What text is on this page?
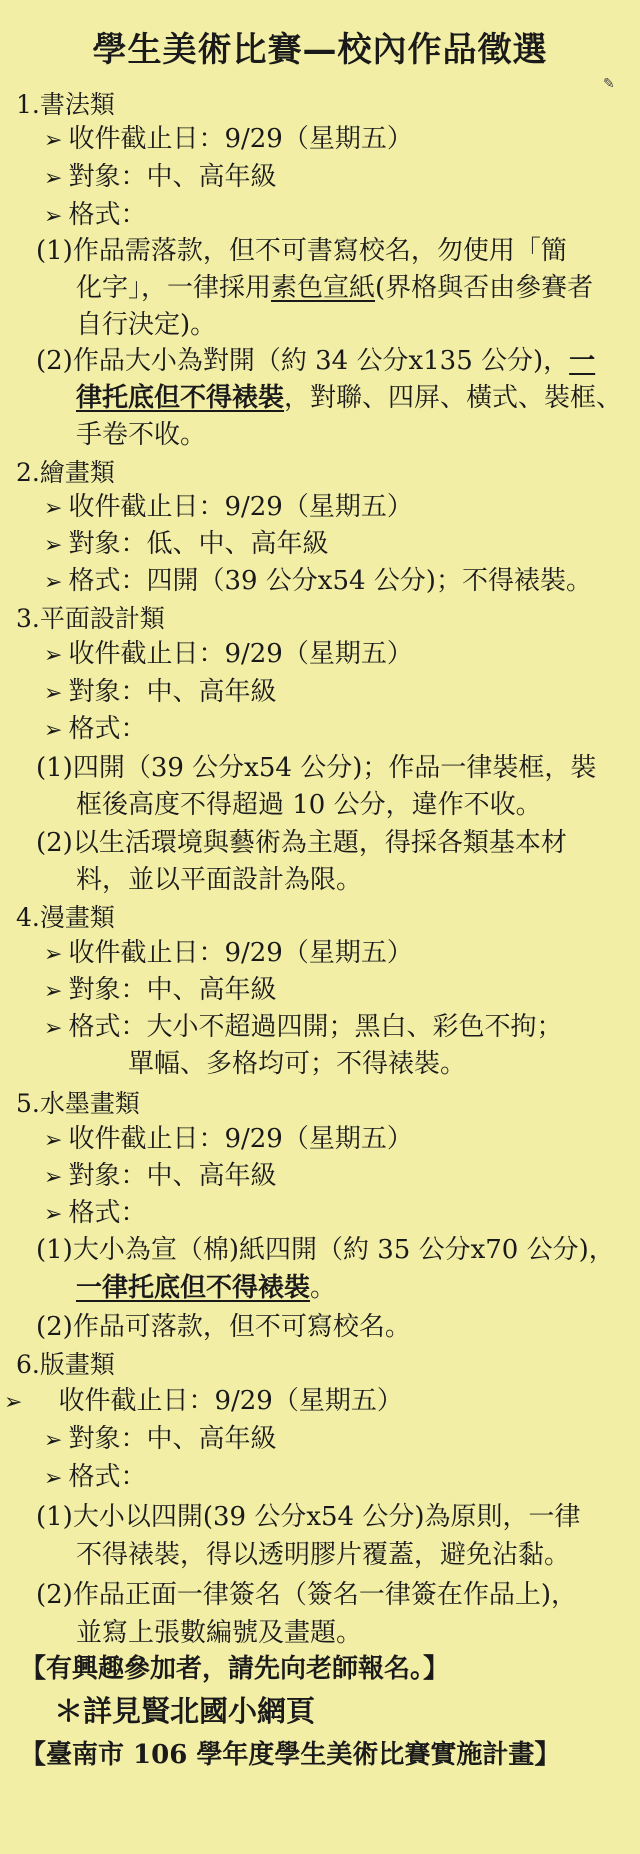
學生美術比賽—校內作品徵選
✎
1.書法類
➢ 收件截止日：9/29（星期五）
➢ 對象：中、高年級
➢ 格式：
(1)作品需落款，但不可書寫校名，勿使用「簡
化字」，一律採用素色宣紙(界格與否由參賽者
自行決定)。
(2)作品大小為對開（約 34 公分x135 公分)，一
律托底但不得裱裝，對聯、四屏、橫式、裝框、
手卷不收。
2.繪畫類
➢ 收件截止日：9/29（星期五）
➢ 對象：低、中、高年級
➢ 格式：四開（39 公分x54 公分)；不得裱裝。
3.平面設計類
➢ 收件截止日：9/29（星期五）
➢ 對象：中、高年級
➢ 格式：
(1)四開（39 公分x54 公分)；作品一律裝框，裝
框後高度不得超過 10 公分，違作不收。
(2)以生活環境與藝術為主題，得採各類基本材
料，並以平面設計為限。
4.漫畫類
➢ 收件截止日：9/29（星期五）
➢ 對象：中、高年級
➢ 格式：大小不超過四開；黑白、彩色不拘；
單幅、多格均可；不得裱裝。
5.水墨畫類
➢ 收件截止日：9/29（星期五）
➢ 對象：中、高年級
➢ 格式：
(1)大小為宣（棉)紙四開（約 35 公分x70 公分)，
一律托底但不得裱裝。
(2)作品可落款，但不可寫校名。
6.版畫類
➢ 收件截止日：9/29（星期五）
➢ 對象：中、高年級
➢ 格式：
(1)大小以四開(39 公分x54 公分)為原則，一律
不得裱裝，得以透明膠片覆蓋，避免沾黏。
(2)作品正面一律簽名（簽名一律簽在作品上)，
並寫上張數編號及畫題。
【有興趣參加者，請先向老師報名。】
＊詳見賢北國小網頁
【臺南市 106 學年度學生美術比賽實施計畫】
